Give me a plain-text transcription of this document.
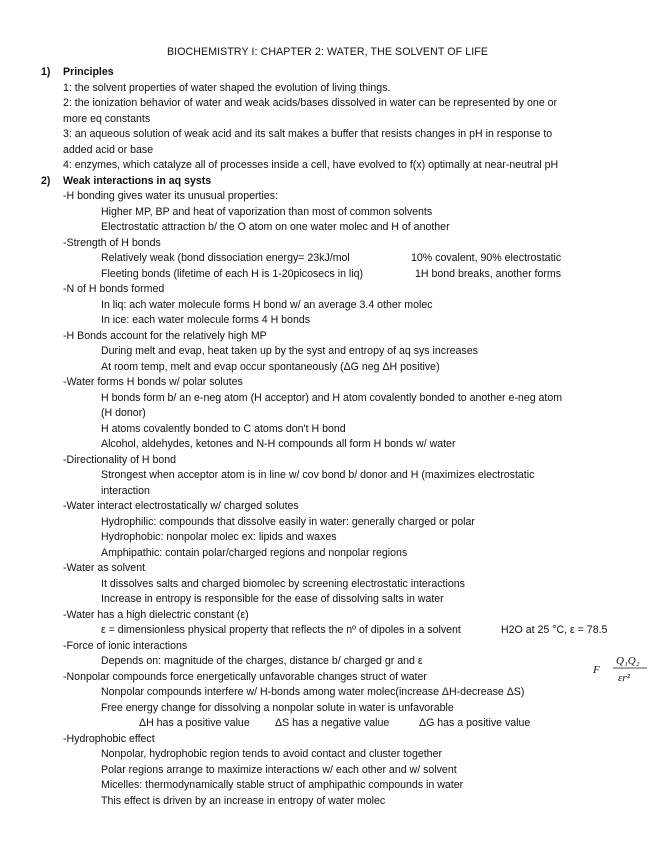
BIOCHEMISTRY I: CHAPTER 2: WATER, THE SOLVENT OF LIFE
1) Principles
1: the solvent properties of water shaped the evolution of living things.
2: the ionization behavior of water and weak acids/bases dissolved in water can be represented by one or
more eq constants
3: an aqueous solution of weak acid and its salt makes a buffer that resists changes in pH in response to
added acid or base
4: enzymes, which catalyze all of processes inside a cell, have evolved to f(x) optimally at near-neutral pH
2) Weak interactions in aq systs
-H bonding gives water its unusual properties:
Higher MP, BP and heat of vaporization than most of common solvents
Electrostatic attraction b/ the O atom on one water molec and H of another
-Strength of H bonds
Relatively weak (bond dissociation energy= 23kJ/mol	10% covalent, 90% electrostatic
Fleeting bonds (lifetime of each H is 1-20picosecs in liq)	1H bond breaks, another forms
-N of H bonds formed
In liq: ach water molecule forms H bond w/ an average 3.4 other molec
In ice: each water molecule forms 4 H bonds
-H Bonds account for the relatively high MP
During melt and evap, heat taken up by the syst and entropy of aq sys increases
At room temp, melt and evap occur spontaneously (ΔG neg ΔH positive)
-Water forms H bonds w/ polar solutes
H bonds form b/ an e-neg atom (H acceptor) and H atom covalently bonded to another e-neg atom
(H donor)
H atoms covalently bonded to C atoms don't H bond
Alcohol, aldehydes, ketones and N-H compounds all form H bonds w/ water
-Directionality of H bond
Strongest when acceptor atom is in line w/ cov bond b/ donor and H (maximizes electrostatic
interaction
-Water interact electrostatically w/ charged solutes
Hydrophilic: compounds that dissolve easily in water: generally charged or polar
Hydrophobic: nonpolar molec ex: lipids and waxes
Amphipathic: contain polar/charged regions and nonpolar regions
-Water as solvent
It dissolves salts and charged biomolec by screening electrostatic interactions
Increase in entropy is responsible for the ease of dissolving salts in water
-Water has a high dielectric constant (ε)
ε = dimensionless physical property that reflects the nº of dipoles in a solvent	H2O at 25 °C, ε = 78.5
-Force of ionic interactions
Depends on: magnitude of the charges, distance b/ charged gr and ε
-Nonpolar compounds force energetically unfavorable changes struct of water
Nonpolar compounds interfere w/ H-bonds among water molec(increase ΔH-decrease ΔS)
Free energy change for dissolving a nonpolar solute in water is unfavorable
ΔH has a positive value ΔS has a negative value	ΔG has a positive value
-Hydrophobic effect
Nonpolar, hydrophobic region tends to avoid contact and cluster together
Polar regions arrange to maximize interactions w/ each other and w/ solvent
Micelles: thermodynamically stable struct of amphipathic compounds in water
This effect is driven by an increase in entropy of water molec
F
Q₁Q₂
εr²
